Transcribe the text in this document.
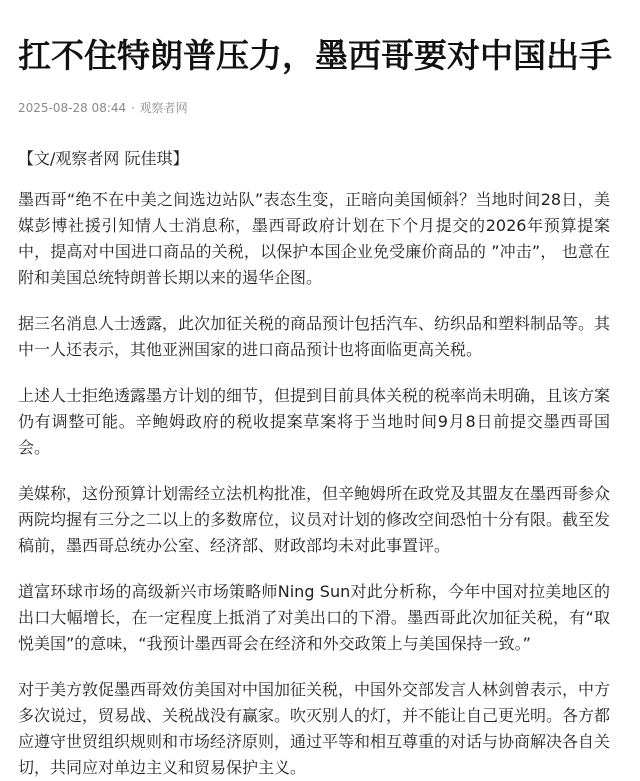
扛不住特朗普压力，墨西哥要对中国出手
2025-08-28 08:44 · 观察者网
【文/观察者网 阮佳琪】

墨西哥“绝不在中美之间选边站队”表态生变，正暗向美国倾斜？当地时间28日，美媒彭博社援引知情人士消息称，墨西哥政府计划在下个月提交的2026年预算提案中，提高对中国进口商品的关税，以保护本国企业免受廉价商品的 ”冲击”， 也意在附和美国总统特朗普长期以来的遏华企图。

据三名消息人士透露，此次加征关税的商品预计包括汽车、纺织品和塑料制品等。其中一人还表示，其他亚洲国家的进口商品预计也将面临更高关税。

上述人士拒绝透露墨方计划的细节，但提到目前具体关税的税率尚未明确，且该方案仍有调整可能。辛鲍姆政府的税收提案草案将于当地时间9月8日前提交墨西哥国会。

美媒称，这份预算计划需经立法机构批准，但辛鲍姆所在政党及其盟友在墨西哥参众两院均握有三分之二以上的多数席位，议员对计划的修改空间恐怕十分有限。截至发稿前，墨西哥总统办公室、经济部、财政部均未对此事置评。

道富环球市场的高级新兴市场策略师Ning Sun对此分析称，今年中国对拉美地区的出口大幅增长，在一定程度上抵消了对美出口的下滑。墨西哥此次加征关税，有“取悦美国”的意味，“我预计墨西哥会在经济和外交政策上与美国保持一致。”

对于美方敦促墨西哥效仿美国对中国加征关税，中国外交部发言人林剑曾表示，中方多次说过，贸易战、关税战没有赢家。吹灭别人的灯，并不能让自己更光明。各方都应遵守世贸组织规则和市场经济原则，通过平等和相互尊重的对话与协商解决各自关切，共同应对单边主义和贸易保护主义。
